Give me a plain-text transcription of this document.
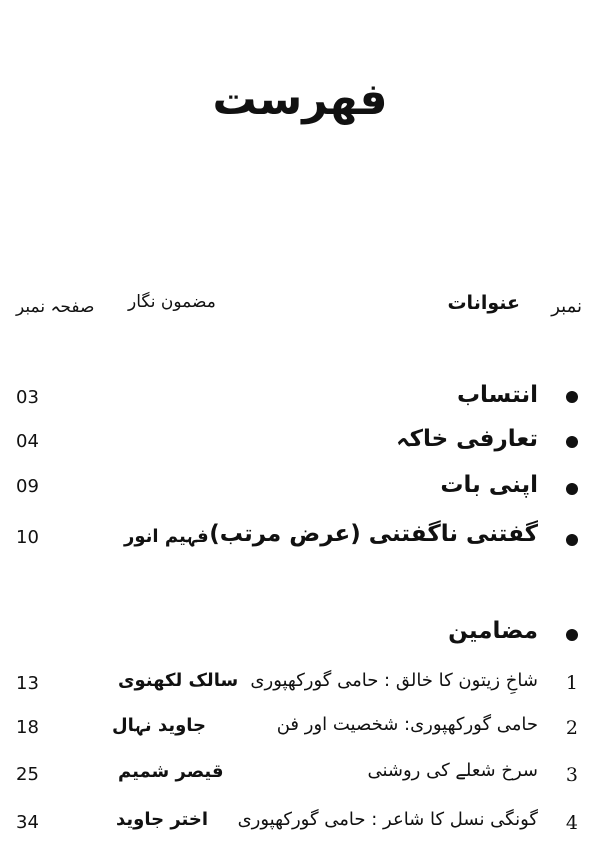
فهرست
نمبر
عنوانات
مضمون نگار
صفحہ نمبر
انتساب
03
تعارفی خاکہ
04
اپنی بات
09
گفتنی ناگفتنی (عرض مرتب)
فہیم انور
10
مضامین
1
شاخِ زیتون کا خالق : حامی گورکھپوری
سالک لکھنوی
13
2
حامی گورکھپوری: شخصیت اور فن
جاوید نہال
18
3
سرخ شعلے کی روشنی
قیصر شمیم
25
4
گونگی نسل کا شاعر : حامی گورکھپوری
اختر جاوید
34
